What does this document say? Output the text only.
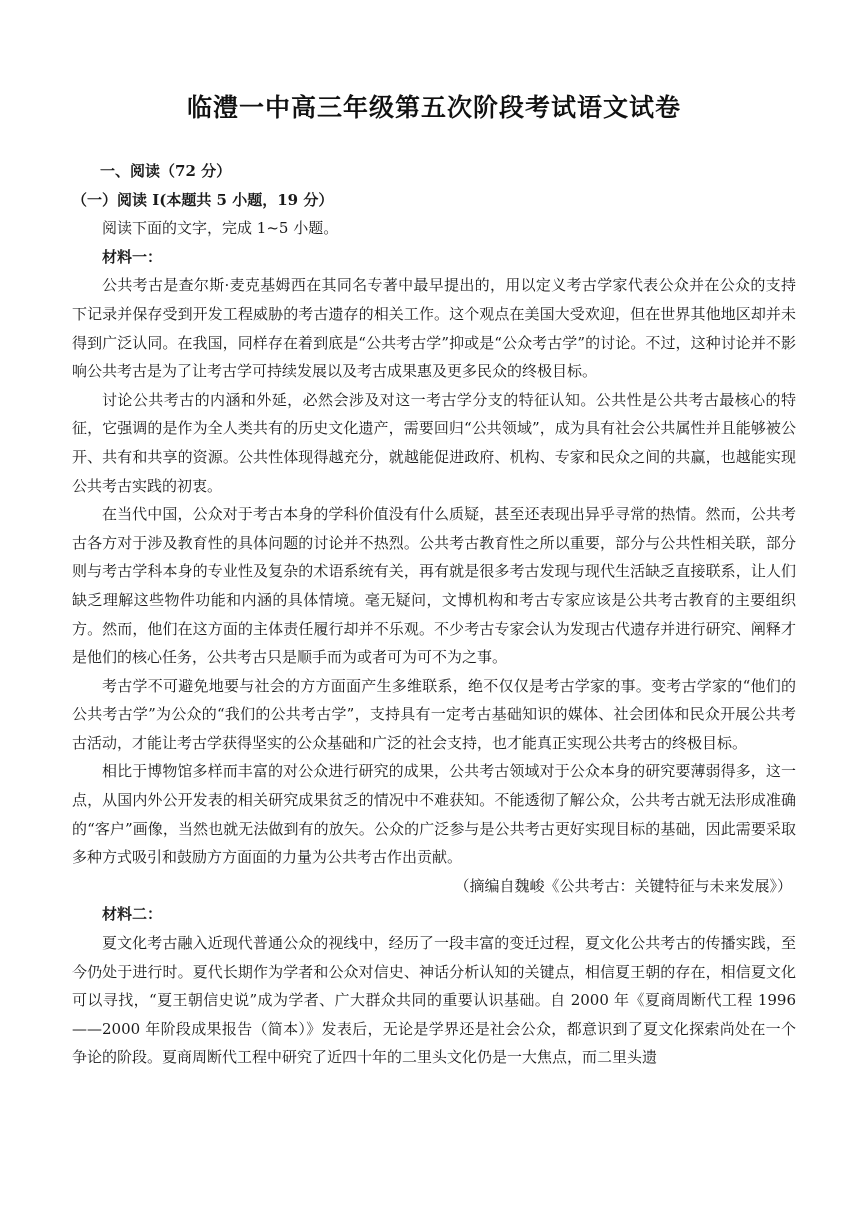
临澧一中高三年级第五次阶段考试语文试卷

一、阅读（72 分）

（一）阅读 I(本题共 5 小题，19 分）

阅读下面的文字，完成 1~5 小题。

材料一：

公共考古是查尔斯·麦克基姆西在其同名专著中最早提出的，用以定义考古学家代表公众并在公众的支持下记录并保存受到开发工程威胁的考古遗存的相关工作。这个观点在美国大受欢迎，但在世界其他地区却并未得到广泛认同。在我国，同样存在着到底是“公共考古学”抑或是“公众考古学”的讨论。不过，这种讨论并不影响公共考古是为了让考古学可持续发展以及考古成果惠及更多民众的终极目标。

讨论公共考古的内涵和外延，必然会涉及对这一考古学分支的特征认知。公共性是公共考古最核心的特征，它强调的是作为全人类共有的历史文化遗产，需要回归“公共领域”，成为具有社会公共属性并且能够被公开、共有和共享的资源。公共性体现得越充分，就越能促进政府、机构、专家和民众之间的共赢，也越能实现公共考古实践的初衷。

在当代中国，公众对于考古本身的学科价值没有什么质疑，甚至还表现出异乎寻常的热情。然而，公共考古各方对于涉及教育性的具体问题的讨论并不热烈。公共考古教育性之所以重要，部分与公共性相关联，部分则与考古学科本身的专业性及复杂的术语系统有关，再有就是很多考古发现与现代生活缺乏直接联系，让人们缺乏理解这些物件功能和内涵的具体情境。毫无疑问，文博机构和考古专家应该是公共考古教育的主要组织方。然而，他们在这方面的主体责任履行却并不乐观。不少考古专家会认为发现古代遗存并进行研究、阐释才是他们的核心任务，公共考古只是顺手而为或者可为可不为之事。

考古学不可避免地要与社会的方方面面产生多维联系，绝不仅仅是考古学家的事。变考古学家的“他们的公共考古学”为公众的“我们的公共考古学”，支持具有一定考古基础知识的媒体、社会团体和民众开展公共考古活动，才能让考古学获得坚实的公众基础和广泛的社会支持，也才能真正实现公共考古的终极目标。

相比于博物馆多样而丰富的对公众进行研究的成果，公共考古领域对于公众本身的研究要薄弱得多，这一点，从国内外公开发表的相关研究成果贫乏的情况中不难获知。不能透彻了解公众，公共考古就无法形成准确的“客户”画像，当然也就无法做到有的放矢。公众的广泛参与是公共考古更好实现目标的基础，因此需要采取多种方式吸引和鼓励方方面面的力量为公共考古作出贡献。

（摘编自魏峻《公共考古：关键特征与未来发展》）

材料二：

夏文化考古融入近现代普通公众的视线中，经历了一段丰富的变迁过程，夏文化公共考古的传播实践，至今仍处于进行时。夏代长期作为学者和公众对信史、神话分析认知的关键点，相信夏王朝的存在，相信夏文化可以寻找，“夏王朝信史说”成为学者、广大群众共同的重要认识基础。自 2000 年《夏商周断代工程 1996——2000 年阶段成果报告（简本）》发表后，无论是学界还是社会公众，都意识到了夏文化探索尚处在一个争论的阶段。夏商周断代工程中研究了近四十年的二里头文化仍是一大焦点，而二里头遗
